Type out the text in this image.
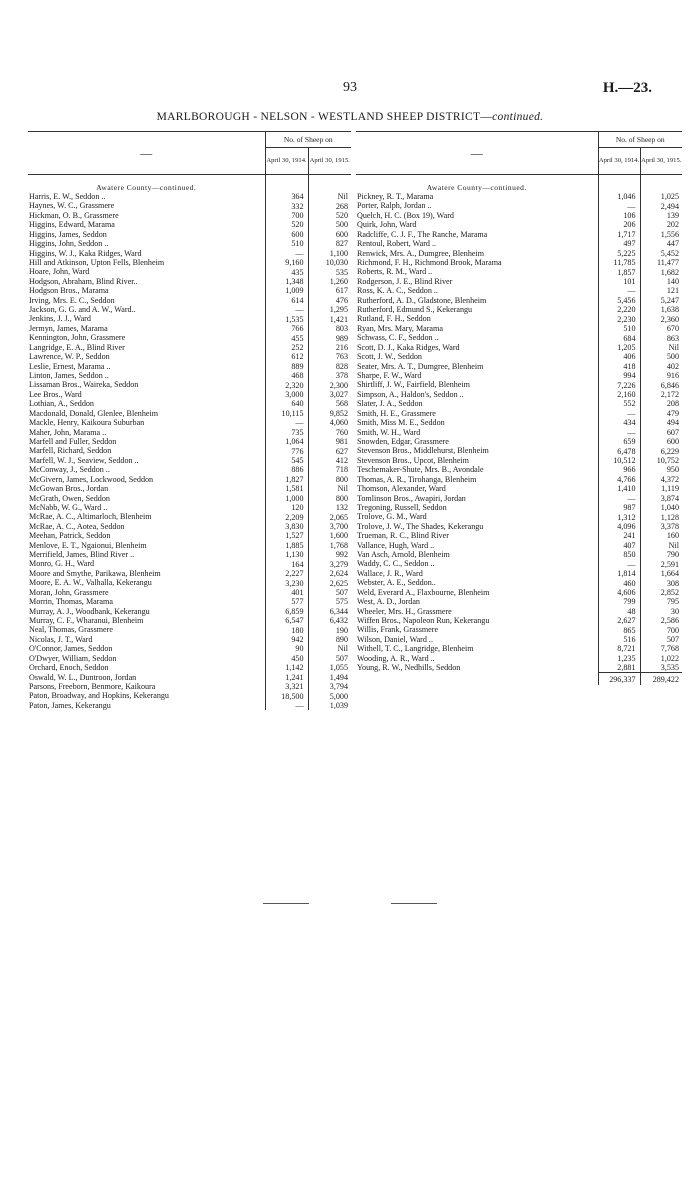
93	H.—23.
MARLBOROUGH - NELSON - WESTLAND SHEEP DISTRICT—continued.
—	No. of Sheep on	
	April 30, 1914.	April 30, 1915.

Awatere County—continued.		
Harris, E. W., Seddon ..	364	Nil
Haynes, W. C., Grassmere	332	268
Hickman, O. B., Grassmere	700	520
Higgins, Edward, Marama	520	500
Higgins, James, Seddon	600	600
Higgins, John, Seddon ..	510	827
Higgins, W. J., Kaka Ridges, Ward	—	1,100
Hill and Atkinson, Upton Fells, Blenheim	9,160	10,030
Hoare, John, Ward	435	535
Hodgson, Abraham, Blind River..	1,348	1,260
Hodgson Bros., Marama	1,009	617
Irving, Mrs. E. C., Seddon	614	476
Jackson, G. G. and A. W., Ward..	—	1,295
Jenkins, J. J., Ward	1,535	1,421
Jermyn, James, Marama	766	803
Kennington, John, Grassmere	455	989
Langridge, E. A., Blind River	252	216
Lawrence, W. P., Seddon	612	763
Leslie, Ernest, Marama ..	889	828
Linton, James, Seddon ..	468	378
Lissaman Bros., Waireka, Seddon	2,320	2,300
Lee Bros., Ward	3,000	3,027
Lothian, A., Seddon	640	568
Macdonald, Donald, Glenlee, Blenheim	10,115	9,852
Mackle, Henry, Kaikoura Suburban	—	4,060
Maher, John, Marama ..	735	760
Marfell and Fuller, Seddon	1,064	981
Marfell, Richard, Seddon	776	627
Marfell, W. J., Seaview, Seddon ..	545	412
McConway, J., Seddon ..	886	718
McGivern, James, Lockwood, Seddon	1,827	800
McGowan Bros., Jordan	1,581	Nil
McGrath, Owen, Seddon	1,000	800
McNabb, W. G., Ward ..	120	132
McRae, A. C., Altimarloch, Blenheim	2,209	2,065
McRae, A. C., Aotea, Seddon	3,830	3,700
Meehan, Patrick, Seddon	1,527	1,600
Menlove, E. T., Ngaionui, Blenheim	1,885	1,768
Merrifield, James, Blind River ..	1,130	992
Monro, G. H., Ward	164	3,279
Moore and Smythe, Parikawa, Blenheim	2,227	2,624
Moore, E. A. W., Valhalla, Kekerangu	3,230	2,625
Moran, John, Grassmere	401	507
Morrin, Thomas, Marama	577	575
Murray, A. J., Woodbank, Kekerangu	6,859	6,344
Murray, C. F., Wharanui, Blenheim	6,547	6,432
Neal, Thomas, Grassmere	180	190
Nicolas, J. T., Ward	942	890
O'Connor, James, Seddon	90	Nil
O'Dwyer, William, Seddon	450	507
Orchard, Enoch, Seddon	1,142	1,055
Oswald, W. L., Duntroon, Jordan	1,241	1,494
Parsons, Freeborn, Benmore, Kaikoura	3,321	3,794
Paton, Broadway, and Hopkins, Kekerangu	18,500	5,000
Paton, James, Kekerangu	—	1,039
—	No. of Sheep on	
	April 30, 1914.	April 30, 1915.

Awatere County—continued.		
Pickney, R. T., Marama	1,046	1,025
Porter, Ralph, Jordan ..	—	2,494
Quelch, H. C. (Box 19), Ward	106	139
Quirk, John, Ward	206	202
Radcliffe, C. J. F., The Ranche, Marama	1,717	1,556
Rentoul, Robert, Ward ..	497	447
Renwick, Mrs. A., Dumgree, Blenheim	5,225	5,452
Richmond, F. H., Richmond Brook, Marama	11,785	11,477
Roberts, R. M., Ward ..	1,857	1,682
Rodgerson, J. E., Blind River	101	140
Ross, K. A. C., Seddon ..	—	121
Rutherford, A. D., Gladstone, Blenheim	5,456	5,247
Rutherford, Edmund S., Kekerangu	2,220	1,638
Rutland, F. H., Seddon	2,230	2,360
Ryan, Mrs. Mary, Marama	510	670
Schwass, C. F., Seddon ..	684	863
Scott, D. J., Kaka Ridges, Ward	1,205	Nil
Scott, J. W., Seddon	406	500
Seater, Mrs. A. T., Dumgree, Blenheim	418	402
Sharpe, F. W., Ward	994	916
Shirtliff, J. W., Fairfield, Blenheim	7,226	6,846
Simpson, A., Haldon's, Seddon ..	2,160	2,172
Slater, J. A., Seddon	552	208
Smith, H. E., Grassmere	—	479
Smith, Miss M. E., Seddon	434	494
Smith, W. H., Ward	—	607
Snowden, Edgar, Grassmere	659	600
Stevenson Bros., Middlehurst, Blenheim	6,478	6,229
Stevenson Bros., Upcot, Blenheim	10,512	10,752
Teschemaker-Shute, Mrs. B., Avondale	966	950
Thomas, A. R., Tirohanga, Blenheim	4,766	4,372
Thomson, Alexander, Ward	1,410	1,119
Tomlinson Bros., Awapiri, Jordan	—	3,874
Tregoning, Russell, Seddon	987	1,040
Trolove, G. M., Ward	1,312	1,128
Trolove, J. W., The Shades, Kekerangu	4,096	3,378
Trueman, R. C., Blind River	241	160
Vallance, Hugh, Ward ..	407	Nil
Van Asch, Arnold, Blenheim	850	790
Waddy, C. C., Seddon ..	—	2,591
Wallace, J. R., Ward	1,814	1,664
Webster, A. E., Seddon..	460	308
Weld, Everard A., Flaxbourne, Blenheim	4,606	2,852
West, A. D., Jordan	799	795
Wheeler, Mrs. H., Grassmere	48	30
Wiffen Bros., Napoleon Run, Kekerangu	2,627	2,586
Willis, Frank, Grassmere	865	700
Wilson, Daniel, Ward ..	516	507
Withell, T. C., Langridge, Blenheim	8,721	7,768
Wooding, A. R., Ward ..	1,235	1,022
Young, R. W., Nedhills, Seddon	2,881	3,535
	296,337	289,422
